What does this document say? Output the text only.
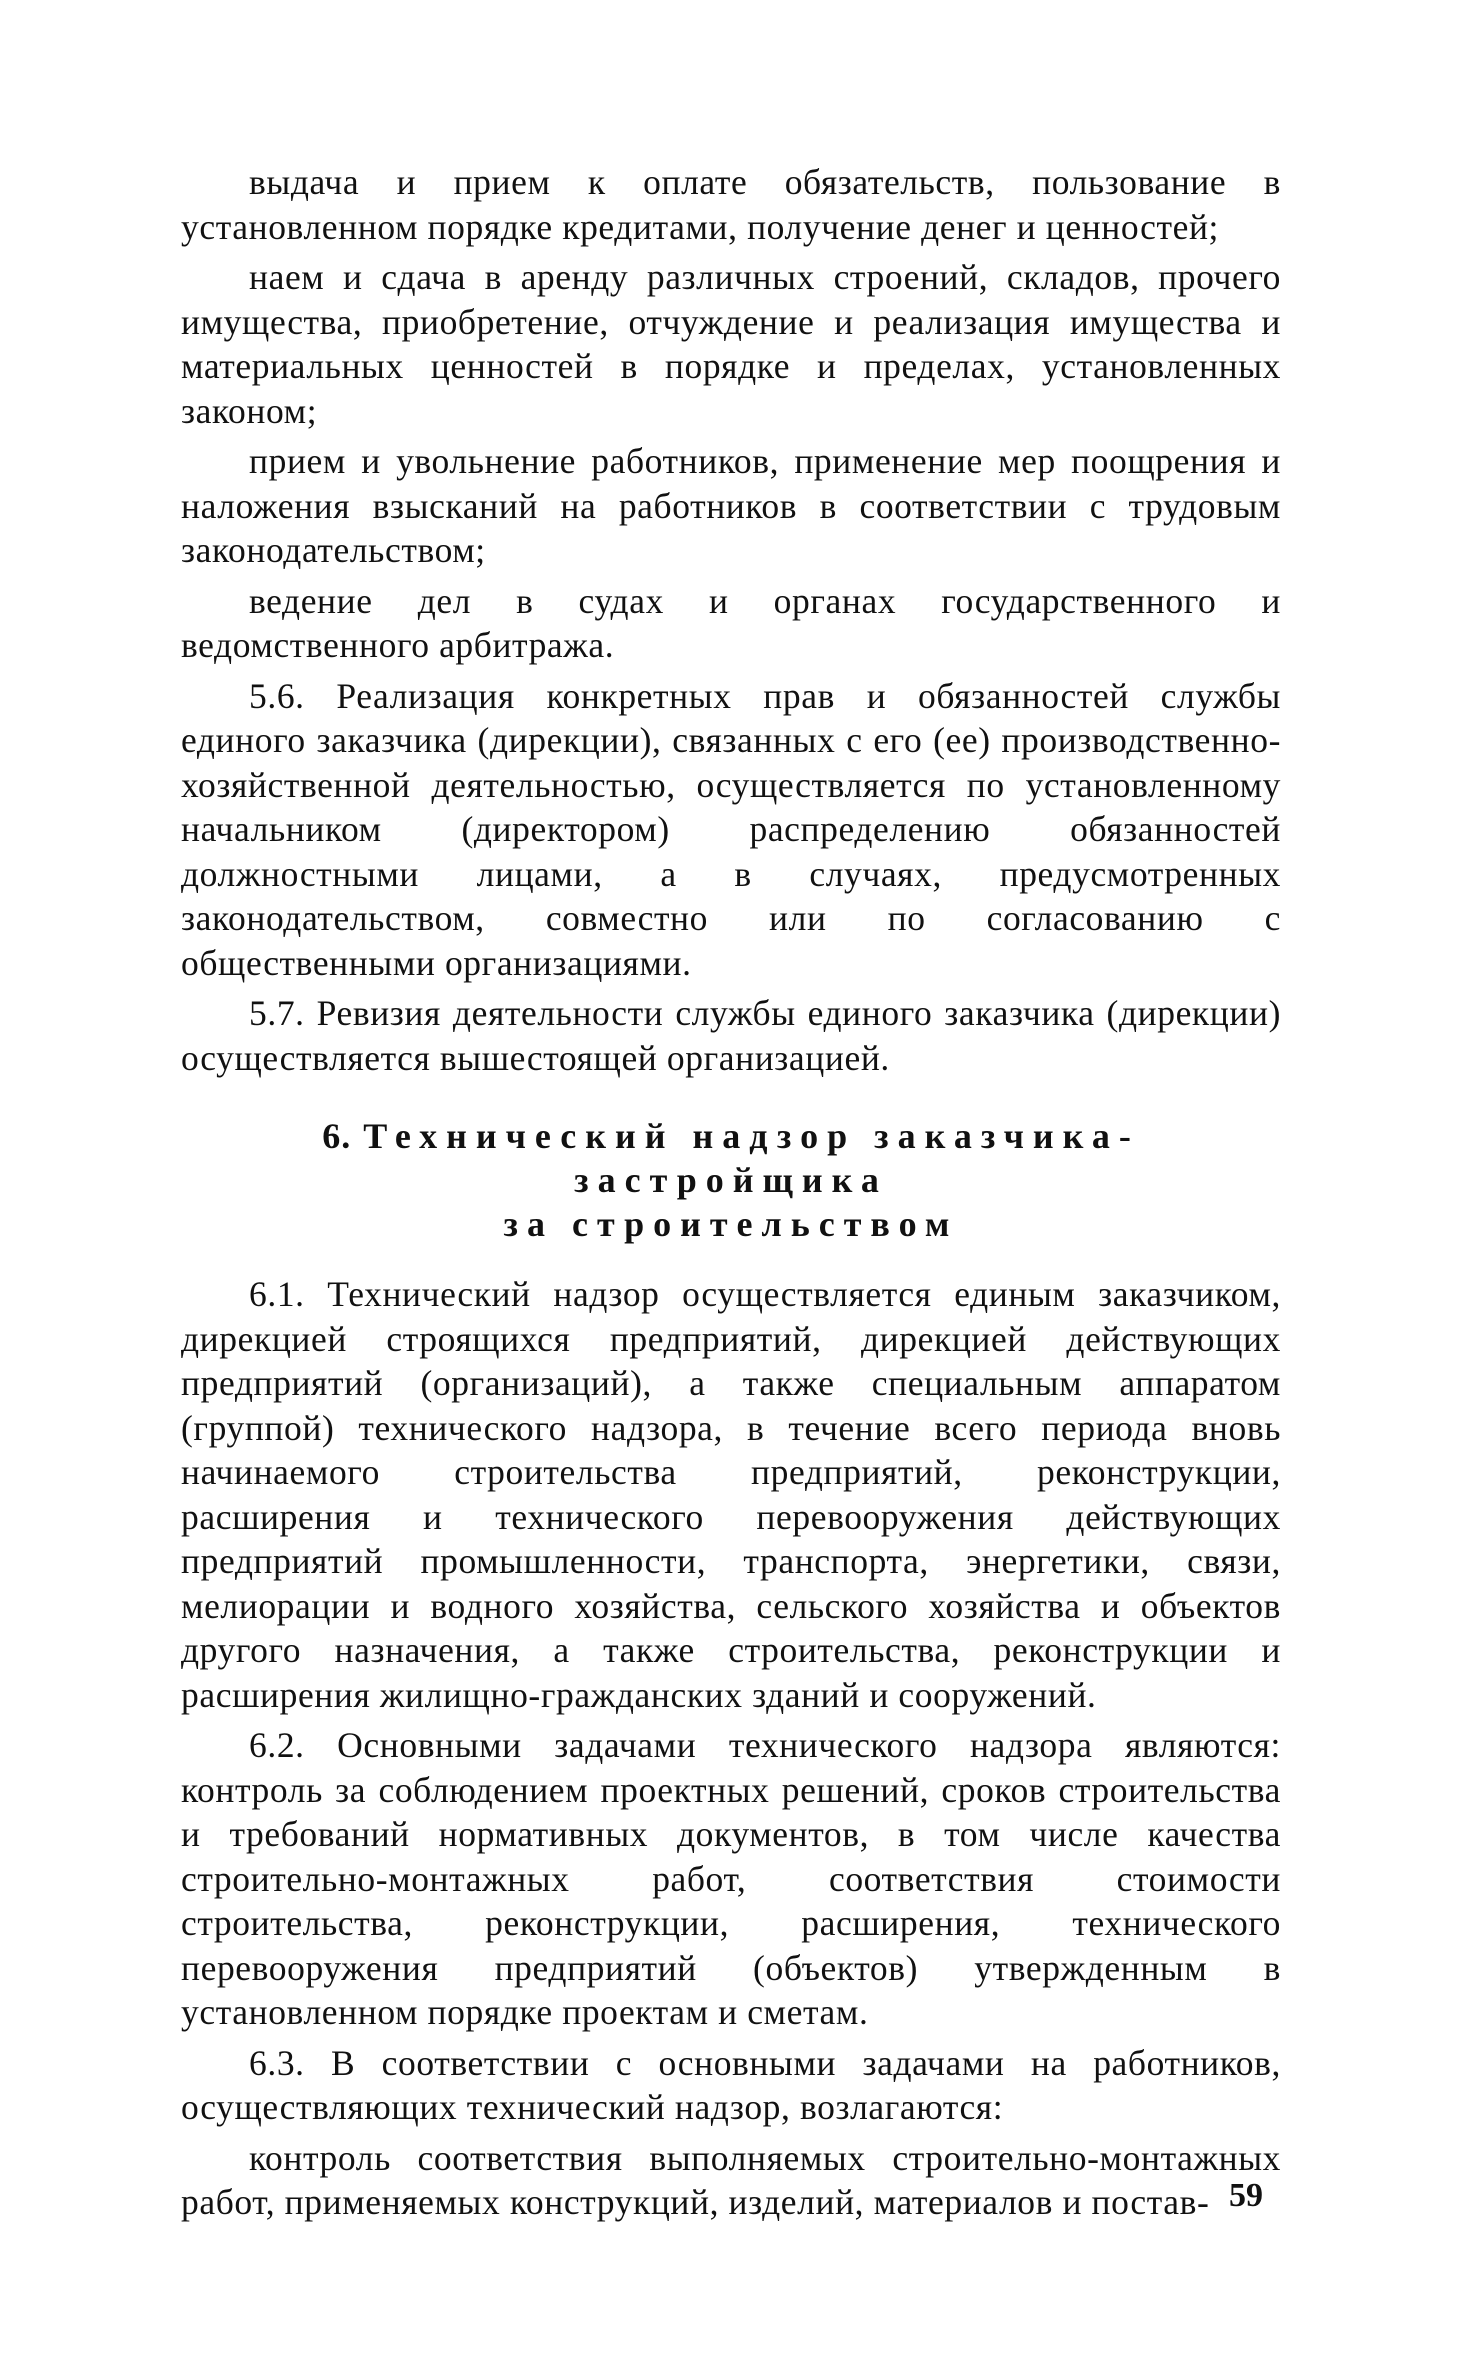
выдача и прием к оплате обязательств, пользование в установленном порядке кредитами, получение денег и ценностей;

наем и сдача в аренду различных строений, складов, прочего имущества, приобретение, отчуждение и реализация имущества и материальных ценностей в порядке и пределах, установленных законом;

прием и увольнение работников, применение мер поощрения и наложения взысканий на работников в соответствии с трудовым законодательством;

ведение дел в судах и органах государственного и ведомственного арбитража.

5.6. Реализация конкретных прав и обязанностей службы единого заказчика (дирекции), связанных с его (ее) производственно-хозяйственной деятельностью, осуществляется по установленному начальником (директором) распределению обязанностей должностными лицами, а в случаях, предусмотренных законодательством, совместно или по согласованию с общественными организациями.

5.7. Ревизия деятельности службы единого заказчика (дирекции) осуществляется вышестоящей организацией.

6. Технический надзор заказчика-застройщика
за строительством

6.1. Технический надзор осуществляется единым заказчиком, дирекцией строящихся предприятий, дирекцией действующих предприятий (организаций), а также специальным аппаратом (группой) технического надзора, в течение всего периода вновь начинаемого строительства предприятий, реконструкции, расширения и технического перевооружения действующих предприятий промышленности, транспорта, энергетики, связи, мелиорации и водного хозяйства, сельского хозяйства и объектов другого назначения, а также строительства, реконструкции и расширения жилищно-гражданских зданий и сооружений.

6.2. Основными задачами технического надзора являются: контроль за соблюдением проектных решений, сроков строительства и требований нормативных документов, в том числе качества строительно-монтажных работ, соответствия стоимости строительства, реконструкции, расширения, технического перевооружения предприятий (объектов) утвержденным в установленном порядке проектам и сметам.

6.3. В соответствии с основными задачами на работников, осуществляющих технический надзор, возлагаются:

контроль соответствия выполняемых строительно-монтажных работ, применяемых конструкций, изделий, материалов и постав- 59
